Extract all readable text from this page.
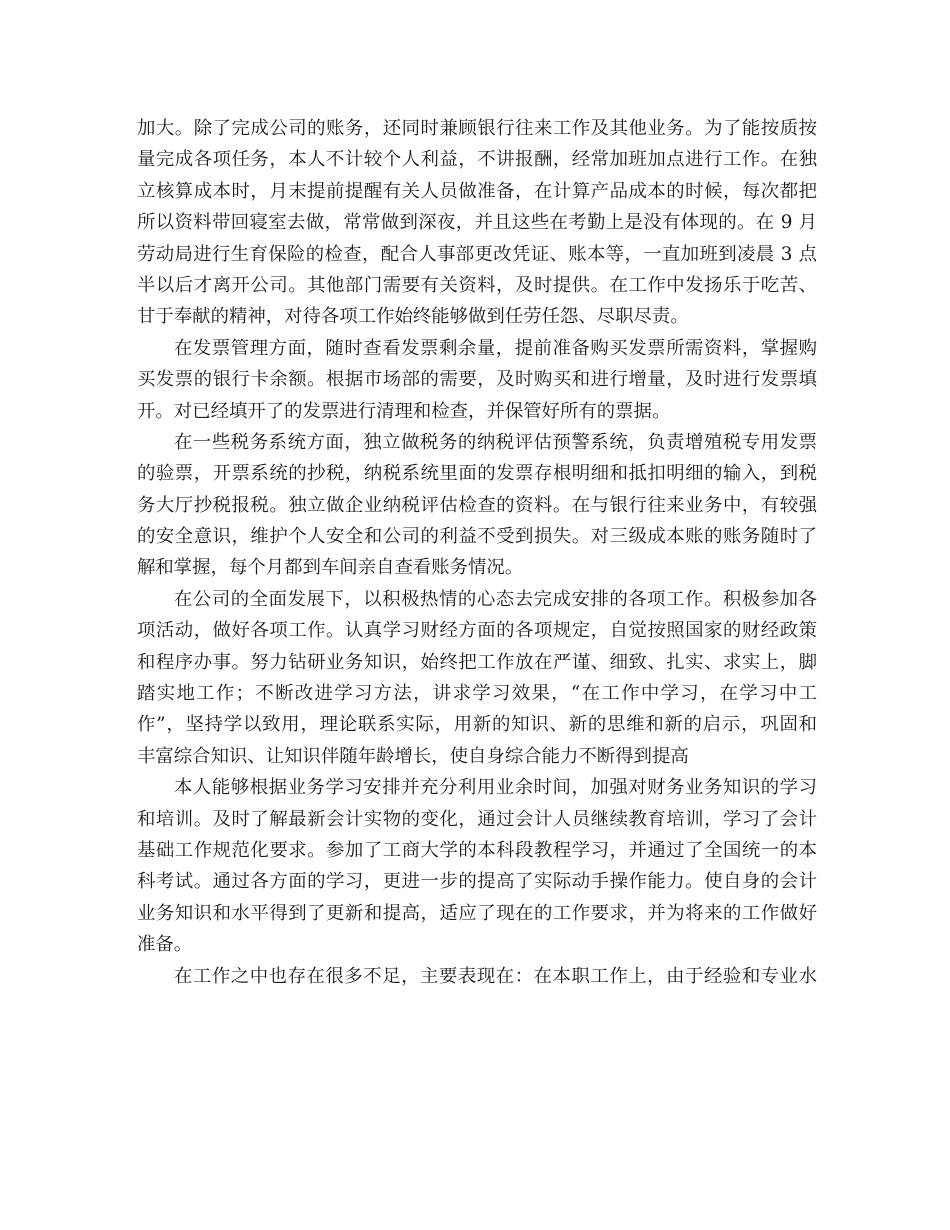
加大。除了完成公司的账务，还同时兼顾银行往来工作及其他业务。为了能按质按
量完成各项任务，本人不计较个人利益，不讲报酬，经常加班加点进行工作。在独
立核算成本时，月末提前提醒有关人员做准备，在计算产品成本的时候，每次都把
所以资料带回寝室去做，常常做到深夜，并且这些在考勤上是没有体现的。在 9 月
劳动局进行生育保险的检查，配合人事部更改凭证、账本等，一直加班到凌晨 3 点
半以后才离开公司。其他部门需要有关资料，及时提供。在工作中发扬乐于吃苦、
甘于奉献的精神，对待各项工作始终能够做到任劳任怨、尽职尽责。
在发票管理方面，随时查看发票剩余量，提前准备购买发票所需资料，掌握购
买发票的银行卡余额。根据市场部的需要，及时购买和进行增量，及时进行发票填
开。对已经填开了的发票进行清理和检查，并保管好所有的票据。
在一些税务系统方面，独立做税务的纳税评估预警系统，负责增殖税专用发票
的验票，开票系统的抄税，纳税系统里面的发票存根明细和抵扣明细的输入，到税
务大厅抄税报税。独立做企业纳税评估检查的资料。在与银行往来业务中，有较强
的安全意识，维护个人安全和公司的利益不受到损失。对三级成本账的账务随时了
解和掌握，每个月都到车间亲自查看账务情况。
在公司的全面发展下，以积极热情的心态去完成安排的各项工作。积极参加各
项活动，做好各项工作。认真学习财经方面的各项规定，自觉按照国家的财经政策
和程序办事。努力钻研业务知识，始终把工作放在严谨、细致、扎实、求实上，脚
踏实地工作；不断改进学习方法，讲求学习效果，“在工作中学习，在学习中工
作”，坚持学以致用，理论联系实际，用新的知识、新的思维和新的启示，巩固和
丰富综合知识、让知识伴随年龄增长，使自身综合能力不断得到提高
本人能够根据业务学习安排并充分利用业余时间，加强对财务业务知识的学习
和培训。及时了解最新会计实物的变化，通过会计人员继续教育培训，学习了会计
基础工作规范化要求。参加了工商大学的本科段教程学习，并通过了全国统一的本
科考试。通过各方面的学习，更进一步的提高了实际动手操作能力。使自身的会计
业务知识和水平得到了更新和提高，适应了现在的工作要求，并为将来的工作做好
准备。
在工作之中也存在很多不足，主要表现在：在本职工作上，由于经验和专业水
